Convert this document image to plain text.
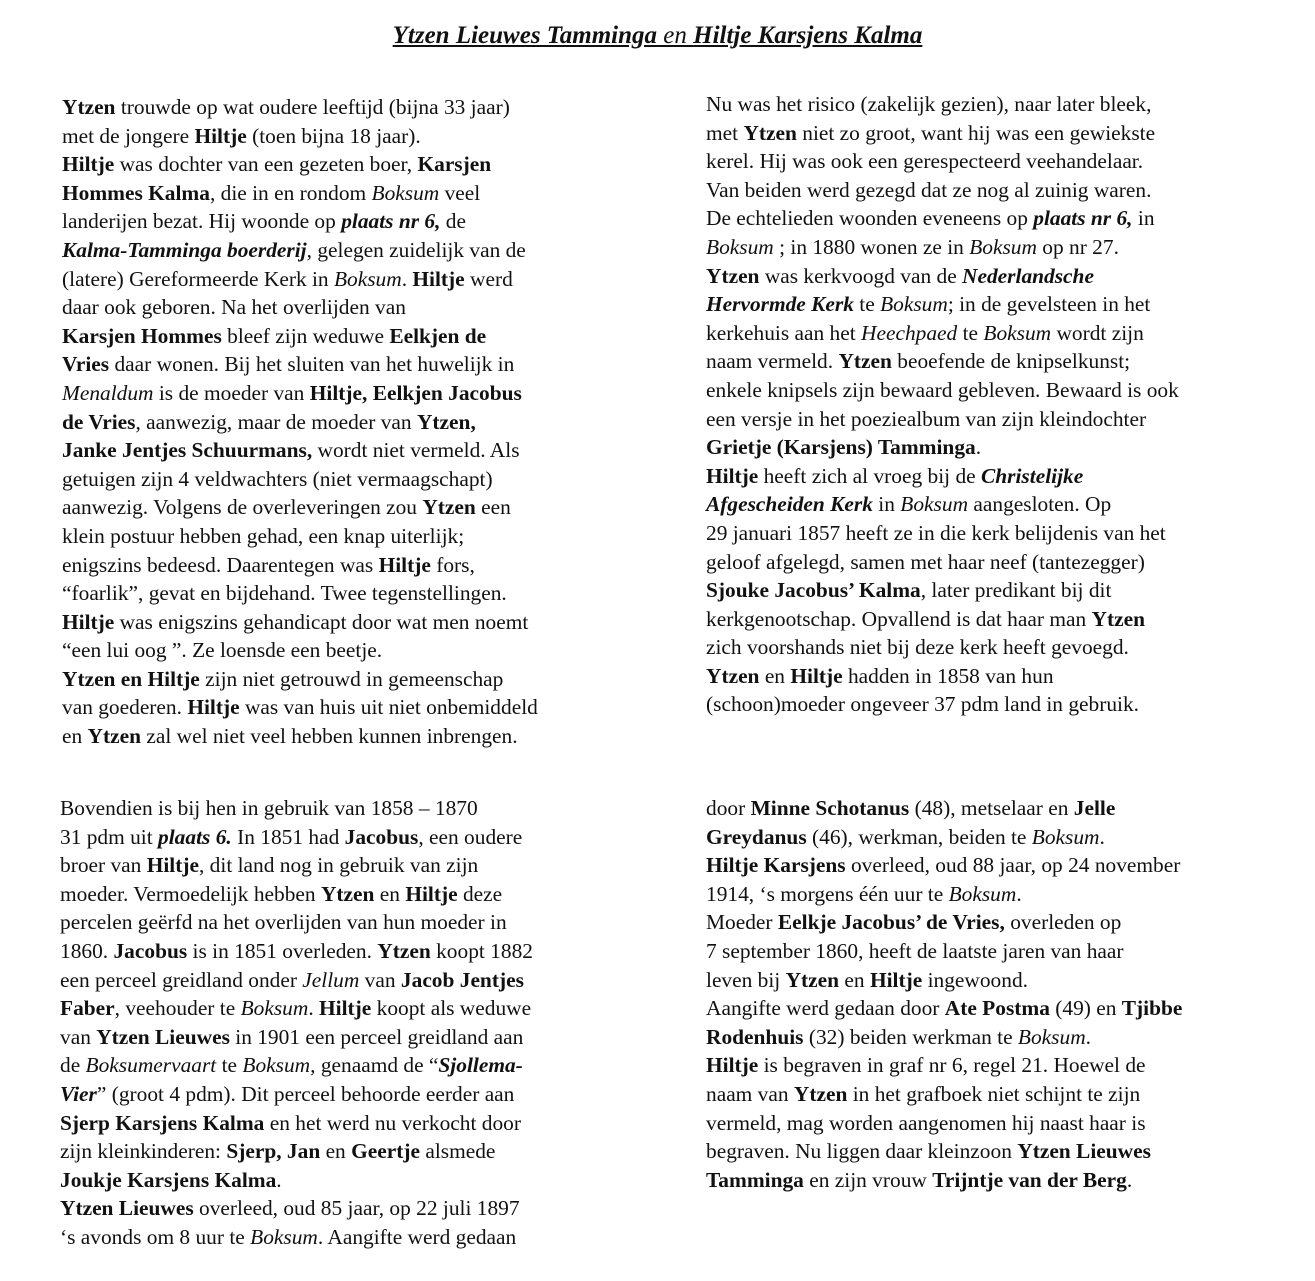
Ytzen Lieuwes Tamminga en Hiltje Karsjens Kalma
Ytzen trouwde op wat oudere leeftijd (bijna 33 jaar)
met de jongere Hiltje (toen bijna 18 jaar).
Hiltje was dochter van een gezeten boer, Karsjen
Hommes Kalma, die in en rondom Boksum veel
landerijen bezat. Hij woonde op plaats nr 6, de
Kalma-Tamminga boerderij, gelegen zuidelijk van de
(latere) Gereformeerde Kerk in Boksum. Hiltje werd
daar ook geboren. Na het overlijden van
Karsjen Hommes bleef zijn weduwe Eelkjen de
Vries daar wonen. Bij het sluiten van het huwelijk in
Menaldum is de moeder van Hiltje, Eelkjen Jacobus
de Vries, aanwezig, maar de moeder van Ytzen,
Janke Jentjes Schuurmans, wordt niet vermeld. Als
getuigen zijn 4 veldwachters (niet vermaagschapt)
aanwezig. Volgens de overleveringen zou Ytzen een
klein postuur hebben gehad, een knap uiterlijk;
enigszins bedeesd. Daarentegen was Hiltje fors,
“foarlik”, gevat en bijdehand. Twee tegenstellingen.
Hiltje was enigszins gehandicapt door wat men noemt
“een lui oog ”. Ze loensde een beetje.
Ytzen en Hiltje zijn niet getrouwd in gemeenschap
van goederen. Hiltje was van huis uit niet onbemiddeld
en Ytzen zal wel niet veel hebben kunnen inbrengen.
Nu was het risico (zakelijk gezien), naar later bleek,
met Ytzen niet zo groot, want hij was een gewiekste
kerel. Hij was ook een gerespecteerd veehandelaar.
Van beiden werd gezegd dat ze nog al zuinig waren.
De echtelieden woonden eveneens op plaats nr 6, in
Boksum ; in 1880 wonen ze in Boksum op nr 27.
Ytzen was kerkvoogd van de Nederlandsche
Hervormde Kerk te Boksum; in de gevelsteen in het
kerkehuis aan het Heechpaed te Boksum wordt zijn
naam vermeld. Ytzen beoefende de knipselkunst;
enkele knipsels zijn bewaard gebleven. Bewaard is ook
een versje in het poeziealbum van zijn kleindochter
Grietje (Karsjens) Tamminga.
Hiltje heeft zich al vroeg bij de Christelijke
Afgescheiden Kerk in Boksum aangesloten. Op
29 januari 1857 heeft ze in die kerk belijdenis van het
geloof afgelegd, samen met haar neef (tantezegger)
Sjouke Jacobus’ Kalma, later predikant bij dit
kerkgenootschap. Opvallend is dat haar man Ytzen
zich voorshands niet bij deze kerk heeft gevoegd.
Ytzen en Hiltje hadden in 1858 van hun
(schoon)moeder ongeveer 37 pdm land in gebruik.
Bovendien is bij hen in gebruik van 1858 – 1870
31 pdm uit plaats 6. In 1851 had Jacobus, een oudere
broer van Hiltje, dit land nog in gebruik van zijn
moeder. Vermoedelijk hebben Ytzen en Hiltje deze
percelen geërfd na het overlijden van hun moeder in
1860. Jacobus is in 1851 overleden. Ytzen koopt 1882
een perceel greidland onder Jellum van Jacob Jentjes
Faber, veehouder te Boksum. Hiltje koopt als weduwe
van Ytzen Lieuwes in 1901 een perceel greidland aan
de Boksumervaart te Boksum, genaamd de “Sjollema-
Vier” (groot 4 pdm). Dit perceel behoorde eerder aan
Sjerp Karsjens Kalma en het werd nu verkocht door
zijn kleinkinderen: Sjerp, Jan en Geertje alsmede
Joukje Karsjens Kalma.
Ytzen Lieuwes overleed, oud 85 jaar, op 22 juli 1897
‘s avonds om 8 uur te Boksum. Aangifte werd gedaan
door Minne Schotanus (48), metselaar en Jelle
Greydanus (46), werkman, beiden te Boksum.
Hiltje Karsjens overleed, oud 88 jaar, op 24 november
1914, ‘s morgens één uur te Boksum.
Moeder Eelkje Jacobus’ de Vries, overleden op
7 september 1860, heeft de laatste jaren van haar
leven bij Ytzen en Hiltje ingewoond.
Aangifte werd gedaan door Ate Postma (49) en Tjibbe
Rodenhuis (32) beiden werkman te Boksum.
Hiltje is begraven in graf nr 6, regel 21. Hoewel de
naam van Ytzen in het grafboek niet schijnt te zijn
vermeld, mag worden aangenomen hij naast haar is
begraven. Nu liggen daar kleinzoon Ytzen Lieuwes
Tamminga en zijn vrouw Trijntje van der Berg.
